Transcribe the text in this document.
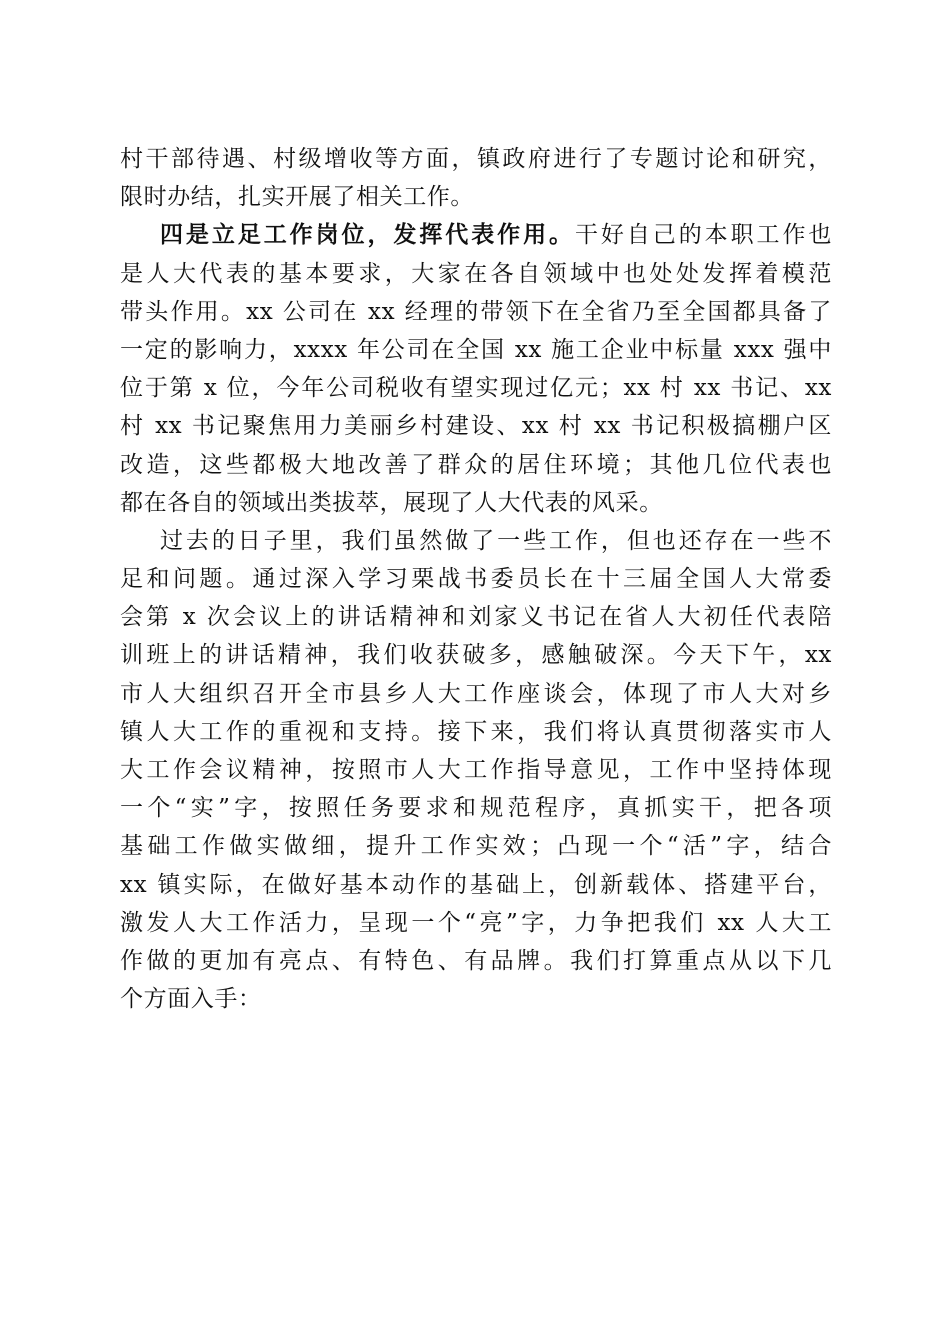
村干部待遇、村级增收等方面，镇政府进行了专题讨论和研究，
限时办结，扎实开展了相关工作。
四是立足工作岗位，发挥代表作用。干好自己的本职工作也
是人大代表的基本要求，大家在各自领域中也处处发挥着模范
带头作用。xx 公司在 xx 经理的带领下在全省乃至全国都具备了
一定的影响力，xxxx 年公司在全国 xx 施工企业中标量 xxx 强中
位于第 x 位，今年公司税收有望实现过亿元；xx 村 xx 书记、xx
村 xx 书记聚焦用力美丽乡村建设、xx 村 xx 书记积极搞棚户区
改造，这些都极大地改善了群众的居住环境；其他几位代表也
都在各自的领域出类拔萃，展现了人大代表的风采。
过去的日子里，我们虽然做了一些工作，但也还存在一些不
足和问题。通过深入学习栗战书委员长在十三届全国人大常委
会第 x 次会议上的讲话精神和刘家义书记在省人大初任代表陪
训班上的讲话精神，我们收获破多，感触破深。今天下午，xx
市人大组织召开全市县乡人大工作座谈会，体现了市人大对乡
镇人大工作的重视和支持。接下来，我们将认真贯彻落实市人
大工作会议精神，按照市人大工作指导意见，工作中坚持体现
一个“实”字，按照任务要求和规范程序，真抓实干，把各项
基础工作做实做细，提升工作实效；凸现一个“活”字，结合
xx 镇实际，在做好基本动作的基础上，创新载体、搭建平台，
激发人大工作活力，呈现一个“亮”字，力争把我们 xx 人大工
作做的更加有亮点、有特色、有品牌。我们打算重点从以下几
个方面入手：
